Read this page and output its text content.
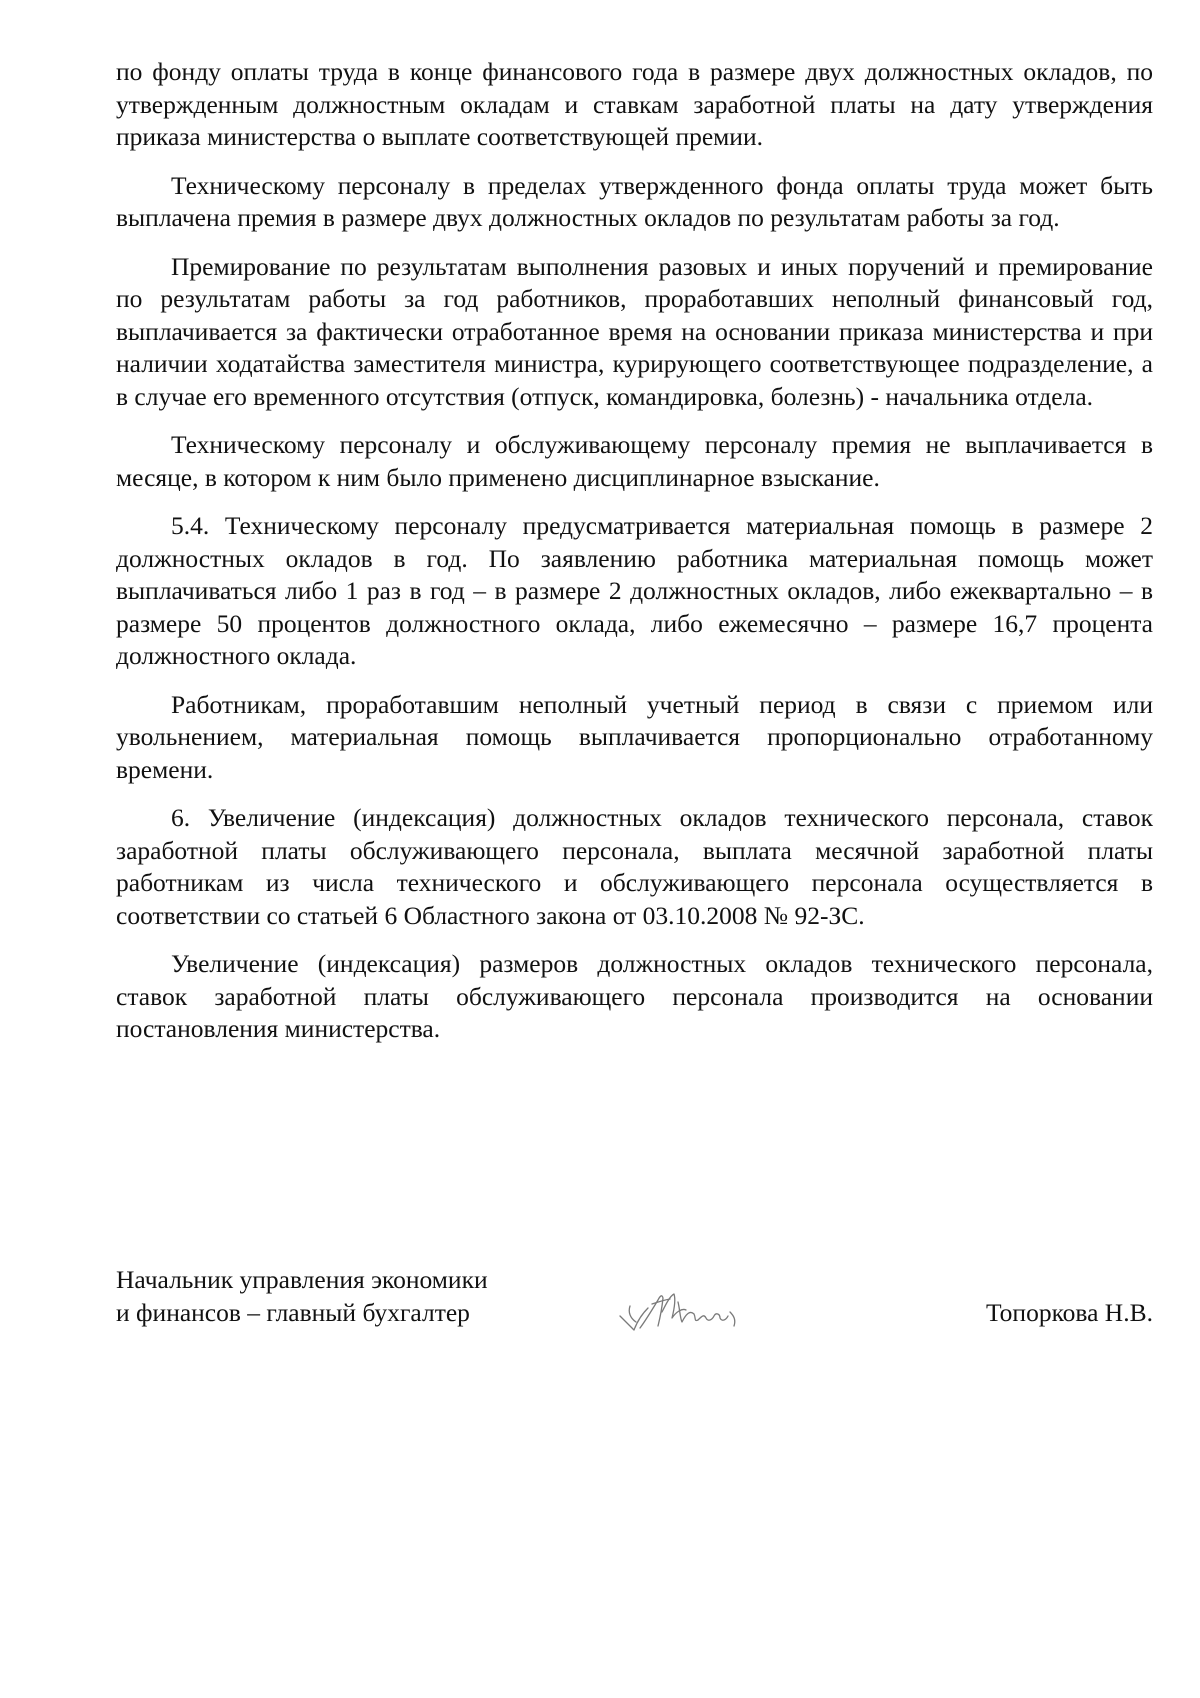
по фонду оплаты труда в конце финансового года в размере двух должностных окладов, по утвержденным должностным окладам и ставкам заработной платы на дату утверждения приказа министерства о выплате соответствующей премии.

Техническому персоналу в пределах утвержденного фонда оплаты труда может быть выплачена премия в размере двух должностных окладов по результатам работы за год.

Премирование по результатам выполнения разовых и иных поручений и премирование по результатам работы за год работников, проработавших неполный финансовый год, выплачивается за фактически отработанное время на основании приказа министерства и при наличии ходатайства заместителя министра, курирующего соответствующее подразделение, а в случае его временного отсутствия (отпуск, командировка, болезнь) - начальника отдела.

Техническому персоналу и обслуживающему персоналу премия не выплачивается в месяце, в котором к ним было применено дисциплинарное взыскание.

5.4. Техническому персоналу предусматривается материальная помощь в размере 2 должностных окладов в год. По заявлению работника материальная помощь может выплачиваться либо 1 раз в год – в размере 2 должностных окладов, либо ежеквартально – в размере 50 процентов должностного оклада, либо ежемесячно – размере 16,7 процента должностного оклада.

Работникам, проработавшим неполный учетный период в связи с приемом или увольнением, материальная помощь выплачивается пропорционально отработанному времени.

6. Увеличение (индексация) должностных окладов технического персонала, ставок заработной платы обслуживающего персонала, выплата месячной заработной платы работникам из числа технического и обслуживающего персонала осуществляется в соответствии со статьей 6 Областного закона от 03.10.2008 № 92-ЗС.

Увеличение (индексация) размеров должностных окладов технического персонала, ставок заработной платы обслуживающего персонала производится на основании постановления министерства.

Начальник управления экономики
и финансов – главный бухгалтер	Топоркова Н.В.
